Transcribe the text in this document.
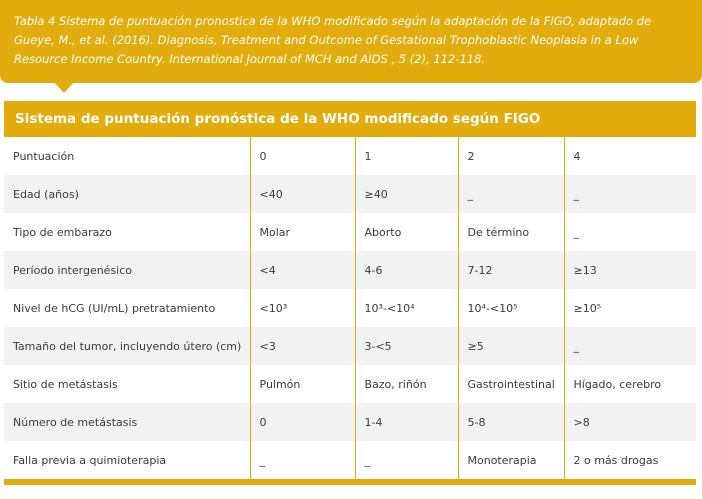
Tabla 4 Sistema de puntuación pronostica de la WHO modificado según la adaptación de la FIGO, adaptado de Gueye, M., et al. (2016). Diagnosis, Treatment and Outcome of Gestational Trophoblastic Neoplasia in a Low Resource Income Country. International Journal of MCH and AIDS , 5 (2), 112-118.
Sistema de puntuación pronóstica de la WHO modificado según FIGO
Puntuación	0	1	2	4
Edad (años)	<40	≥40	_	_
Tipo de embarazo	Molar	Aborto	De término	_
Período intergenésico	<4	4-6	7-12	≥13
Nivel de hCG (UI/mL) pretratamiento	<10³	10³-<10⁴	10⁴-<10⁵	≥10⁵
Tamaño del tumor, incluyendo útero (cm)	<3	3-<5	≥5	_
Sitio de metástasis	Pulmón	Bazo, riñón	Gastrointestinal	Hígado, cerebro
Número de metástasis	0	1-4	5-8	>8
Falla previa a quimioterapia	_	_	Monoterapia	2 o más drogas
